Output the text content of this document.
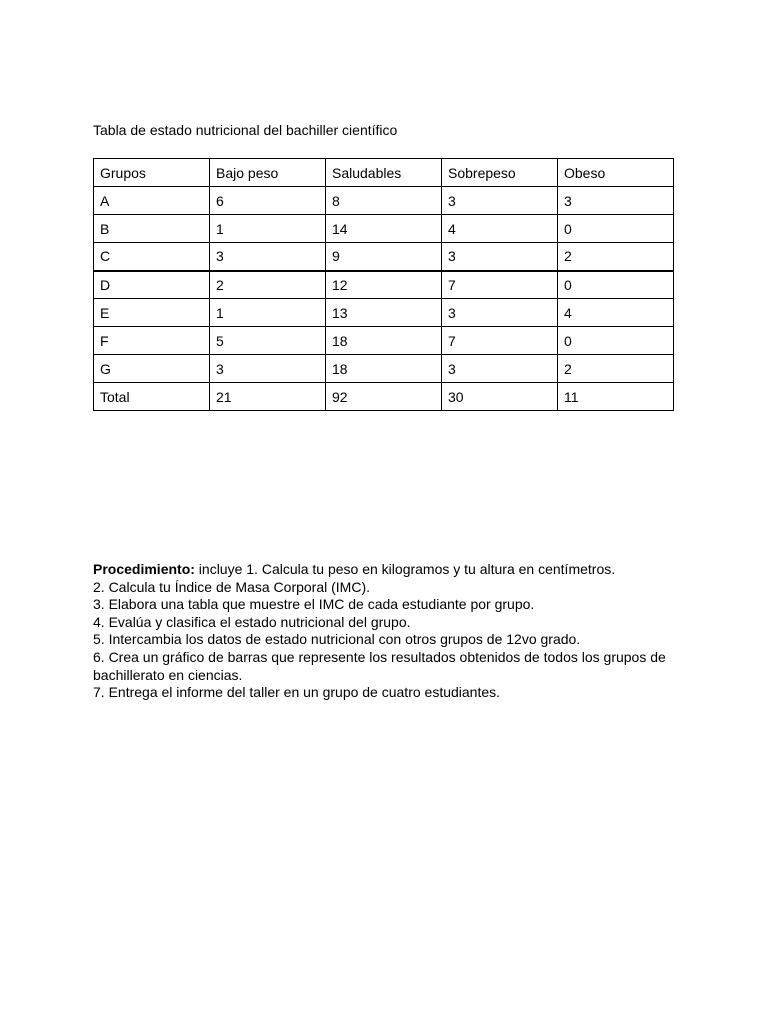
Tabla de estado nutricional del bachiller científico
Grupos	Bajo peso	Saludables	Sobrepeso	Obeso
A	6	8	3	3
B	1	14	4	0
C	3	9	3	2
D	2	12	7	0
E	1	13	3	4
F	5	18	7	0
G	3	18	3	2
Total	21	92	30	11
Procedimiento: incluye 1. Calcula tu peso en kilogramos y tu altura en centímetros.
2. Calcula tu Índice de Masa Corporal (IMC).
3. Elabora una tabla que muestre el IMC de cada estudiante por grupo.
4. Evalúa y clasifica el estado nutricional del grupo.
5. Intercambia los datos de estado nutricional con otros grupos de 12vo grado.
6. Crea un gráfico de barras que represente los resultados obtenidos de todos los grupos de bachillerato en ciencias.
7. Entrega el informe del taller en un grupo de cuatro estudiantes.
